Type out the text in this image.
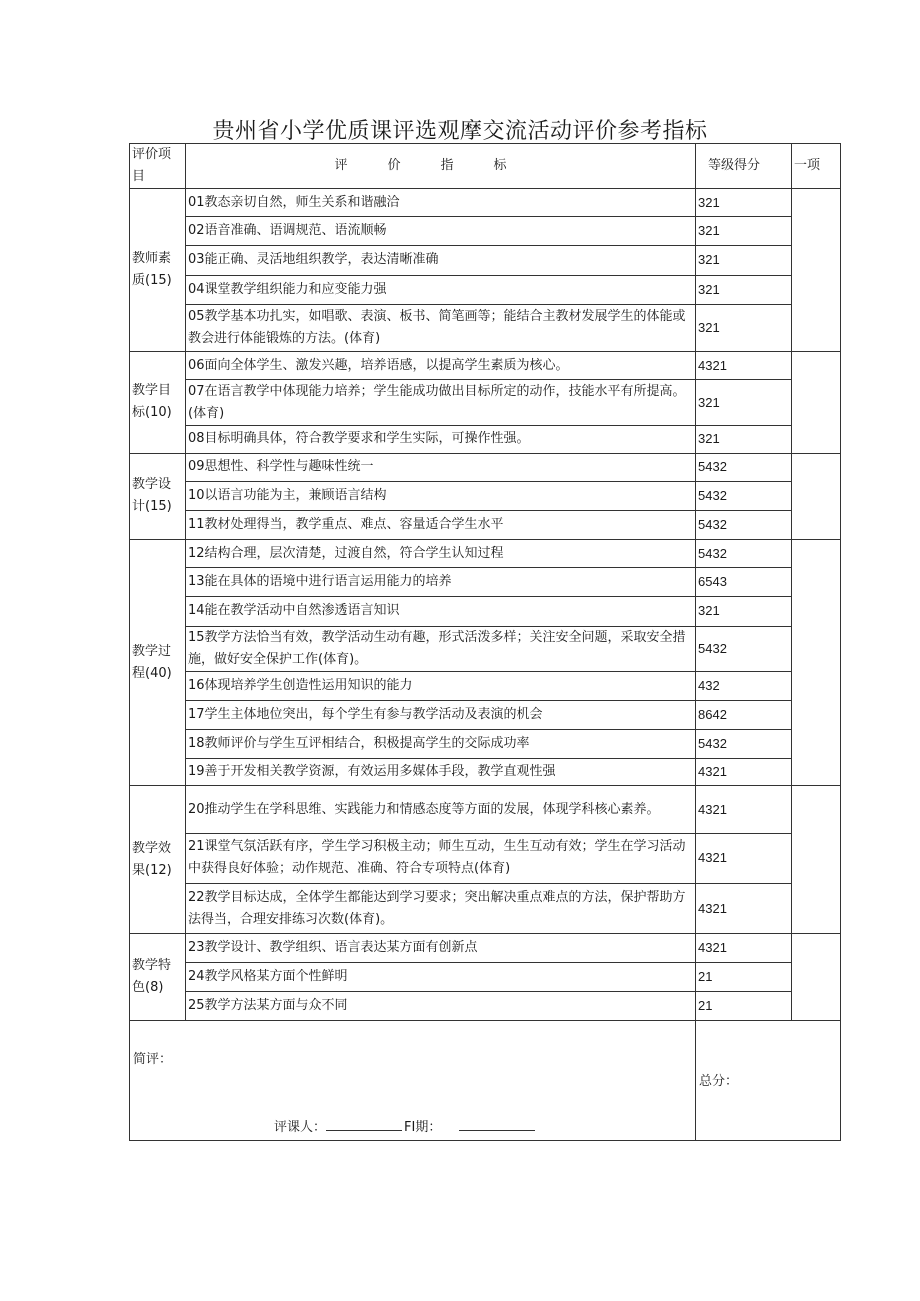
贵州省小学优质课评选观摩交流活动评价参考指标
评价项目	评价指标	等级得分	一项
教师素质(15)	01教态亲切自然，师生关系和谐融洽	321	
	02语音准确、语调规范、语流顺畅	321	
	03能正确、灵活地组织教学，表达清晰准确	321	
	04课堂教学组织能力和应变能力强	321	
	05教学基本功扎实，如唱歌、表演、板书、简笔画等；能结合主教材发展学生的体能或教会进行体能锻炼的方法。(体育)	321	
教学目标(10)	06面向全体学生、激发兴趣，培养语感，以提高学生素质为核心。	4321	
	07在语言教学中体现能力培养；学生能成功做出目标所定的动作，技能水平有所提高。(体育)	321	
	08目标明确具体，符合教学要求和学生实际，可操作性强。	321	
教学设计(15)	09思想性、科学性与趣味性统一	5432	
	10以语言功能为主，兼顾语言结构	5432	
	11教材处理得当，教学重点、难点、容量适合学生水平	5432	
教学过程(40)	12结构合理，层次清楚，过渡自然，符合学生认知过程	5432	
	13能在具体的语境中进行语言运用能力的培养	6543	
	14能在教学活动中自然渗透语言知识	321	
	15教学方法恰当有效，教学活动生动有趣，形式活泼多样；关注安全问题，采取安全措施，做好安全保护工作(体育)。	5432	
	16体现培养学生创造性运用知识的能力	432	
	17学生主体地位突出，每个学生有参与教学活动及表演的机会	8642	
	18教师评价与学生互评相结合，积极提高学生的交际成功率	5432	
	19善于开发相关教学资源，有效运用多媒体手段，教学直观性强	4321	
教学效果(12)	20推动学生在学科思维、实践能力和情感态度等方面的发展，体现学科核心素养。	4321	
	21课堂气氛活跃有序，学生学习积极主动；师生互动，生生互动有效；学生在学习活动中获得良好体验；动作规范、准确、符合专项特点(体育)	4321	
	22教学目标达成，全体学生都能达到学习要求；突出解决重点难点的方法，保护帮助方法得当，合理安排练习次数(体育)。	4321	
教学特色(8)	23教学设计、教学组织、语言表达某方面有创新点	4321	
	24教学风格某方面个性鲜明	21	
	25教学方法某方面与众不同	21	

简评：
评课人： FI期：		总分：	
